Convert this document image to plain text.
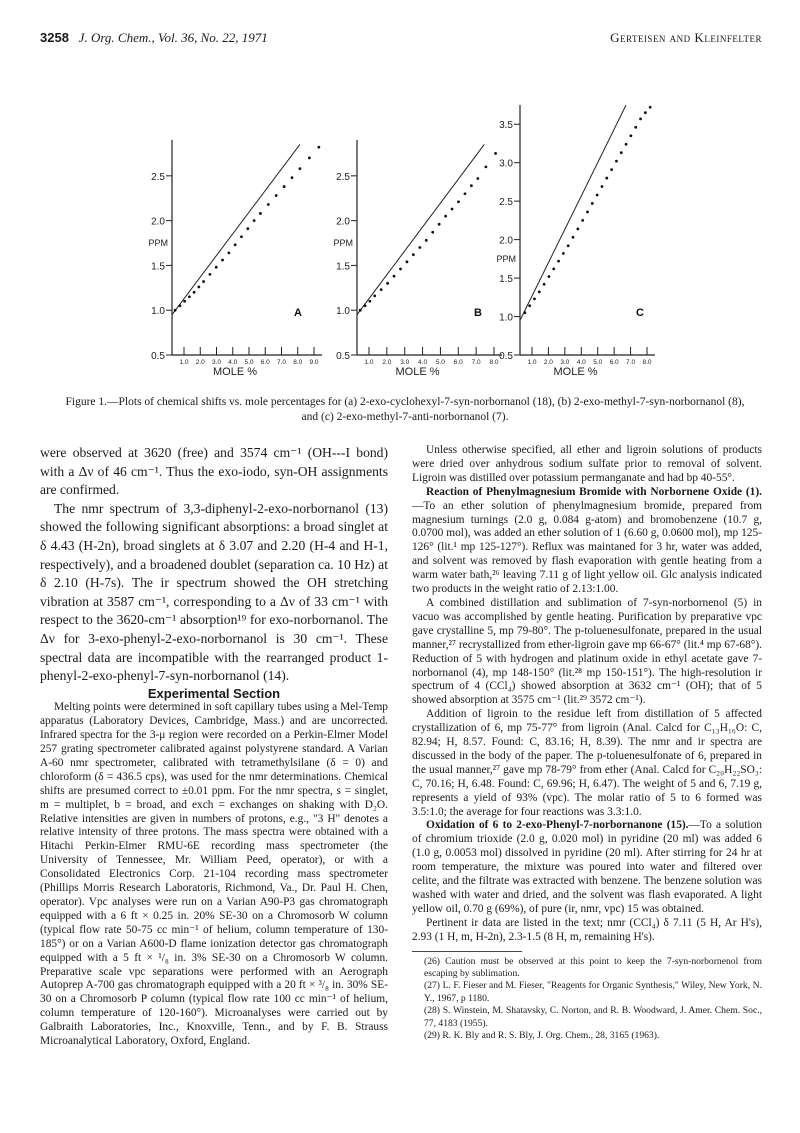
3258 J. Org. Chem., Vol. 36, No. 22, 1971	Gerteisen and Kleinfelter
0.5
1.0
1.5
2.0
2.5
PPM
1.0 2.0 3.0 4.0 5.0 6.0 7.0 8.0 9.0
MOLE %
A
0.5
1.0
1.5
2.0
2.5
PPM
1.0 2.0 3.0 4.0 5.0 6.0 7.0 8.0
MOLE %
B
0.5
1.0
1.5
2.0
2.5
3.0
3.5
PPM
1.0 2.0 3.0 4.0 5.0 6.0 7.0 8.0
MOLE %
C
Figure 1.—Plots of chemical shifts vs. mole percentages for (a) 2-exo-cyclohexyl-7-syn-norbornanol (18), (b) 2-exo-methyl-7-syn-norbornanol (8), and (c) 2-exo-methyl-7-anti-norbornanol (7).

were observed at 3620 (free) and 3574 cm⁻¹ (OH---I bond) with a Δν of 46 cm⁻¹. Thus the exo-iodo, syn-OH assignments are confirmed.

The nmr spectrum of 3,3-diphenyl-2-exo-norbornanol (13) showed the following significant absorptions: a broad singlet at δ 4.43 (H-2n), broad singlets at δ 3.07 and 2.20 (H-4 and H-1, respectively), and a broadened doublet (separation ca. 10 Hz) at δ 2.10 (H-7s). The ir spectrum showed the OH stretching vibration at 3587 cm⁻¹, corresponding to a Δν of 33 cm⁻¹ with respect to the 3620-cm⁻¹ absorption¹⁹ for exo-norbornanol. The Δν for 3-exo-phenyl-2-exo-norbornanol is 30 cm⁻¹. These spectral data are incompatible with the rearranged product 1-phenyl-2-exo-phenyl-7-syn-norbornanol (14).

Experimental Section

Melting points were determined in soft capillary tubes using a Mel-Temp apparatus (Laboratory Devices, Cambridge, Mass.) and are uncorrected. Infrared spectra for the 3-μ region were recorded on a Perkin-Elmer Model 257 grating spectrometer calibrated against polystyrene standard. A Varian A-60 nmr spectrometer, calibrated with tetramethylsilane (δ = 0) and chloroform (δ = 436.5 cps), was used for the nmr determinations. Chemical shifts are presumed correct to ±0.01 ppm. For the nmr spectra, s = singlet, m = multiplet, b = broad, and exch = exchanges on shaking with D₂O. Relative intensities are given in numbers of protons, e.g., "3 H" denotes a relative intensity of three protons. The mass spectra were obtained with a Hitachi Perkin-Elmer RMU-6E recording mass spectrometer (the University of Tennessee, Mr. William Peed, operator), or with a Consolidated Electronics Corp. 21-104 recording mass spectrometer (Phillips Morris Research Laboratoris, Richmond, Va., Dr. Paul H. Chen, operator). Vpc analyses were run on a Varian A90-P3 gas chromatograph equipped with a 6 ft × 0.25 in. 20% SE-30 on a Chromosorb W column (typical flow rate 50-75 cc min⁻¹ of helium, column temperature of 130-185°) or on a Varian A600-D flame ionization detector gas chromatograph equipped with a 5 ft × ¹/₈ in. 3% SE-30 on a Chromosorb W column. Preparative scale vpc separations were performed with an Aerograph Autoprep A-700 gas chromatograph equipped with a 20 ft × ³/₈ in. 30% SE-30 on a Chromosorb P column (typical flow rate 100 cc min⁻¹ of helium, column temperature of 120-160°). Microanalyses were carried out by Galbraith Laboratories, Inc., Knoxville, Tenn., and by F. B. Strauss Microanalytical Laboratory, Oxford, England.

Unless otherwise specified, all ether and ligroin solutions of products were dried over anhydrous sodium sulfate prior to removal of solvent. Ligroin was distilled over potassium permanganate and had bp 40-55°.

Reaction of Phenylmagnesium Bromide with Norbornene Oxide (1).—To an ether solution of phenylmagnesium bromide, prepared from magnesium turnings (2.0 g, 0.084 g-atom) and bromobenzene (10.7 g, 0.0700 mol), was added an ether solution of 1 (6.60 g, 0.0600 mol), mp 125-126° (lit.¹ mp 125-127°). Reflux was maintaned for 3 hr, water was added, and solvent was removed by flash evaporation with gentle heating from a warm water bath,²⁶ leaving 7.11 g of light yellow oil. Glc analysis indicated two products in the weight ratio of 2.13:1.00.

A combined distillation and sublimation of 7-syn-norbornenol (5) in vacuo was accomplished by gentle heating. Purification by preparative vpc gave crystalline 5, mp 79-80°. The p-toluenesulfonate, prepared in the usual manner,²⁷ recrystallized from ether-ligroin gave mp 66-67° (lit.⁴ mp 67-68°). Reduction of 5 with hydrogen and platinum oxide in ethyl acetate gave 7-norbornanol (4), mp 148-150° (lit.²⁸ mp 150-151°). The high-resolution ir spectrum of 4 (CCl₄) showed absorption at 3632 cm⁻¹ (OH); that of 5 showed absorption at 3575 cm⁻¹ (lit.²⁹ 3572 cm⁻¹).

Addition of ligroin to the residue left from distillation of 5 affected crystallization of 6, mp 75-77° from ligroin (Anal. Calcd for C₁₃H₁₆O: C, 82.94; H, 8.57. Found: C, 83.16; H, 8.39). The nmr and ir spectra are discussed in the body of the paper. The p-toluenesulfonate of 6, prepared in the usual manner,²⁷ gave mp 78-79° from ether (Anal. Calcd for C₂₀H₂₂SO₃: C, 70.16; H, 6.48. Found: C, 69.96; H, 6.47). The weight of 5 and 6, 7.19 g, represents a yield of 93% (vpc). The molar ratio of 5 to 6 formed was 3.5:1.0; the average for four reactions was 3.3:1.0.

Oxidation of 6 to 2-exo-Phenyl-7-norbornanone (15).—To a solution of chromium trioxide (2.0 g, 0.020 mol) in pyridine (20 ml) was added 6 (1.0 g, 0.0053 mol) dissolved in pyridine (20 ml). After stirring for 24 hr at room temperature, the mixture was poured into water and filtered over celite, and the filtrate was extracted with benzene. The benzene solution was washed with water and dried, and the solvent was flash evaporated. A light yellow oil, 0.70 g (69%), of pure (ir, nmr, vpc) 15 was obtained.

Pertinent ir data are listed in the text; nmr (CCl₄) δ 7.11 (5 H, Ar H's), 2.93 (1 H, m, H-2n), 2.3-1.5 (8 H, m, remaining H's).

(26) Caution must be observed at this point to keep the 7-syn-norbornenol from escaping by sublimation.

(27) L. F. Fieser and M. Fieser, "Reagents for Organic Synthesis," Wiley, New York, N. Y., 1967, p 1180.

(28) S. Winstein, M. Shatavsky, C. Norton, and R. B. Woodward, J. Amer. Chem. Soc., 77, 4183 (1955).

(29) R. K. Bly and R. S. Bly, J. Org. Chem., 28, 3165 (1963).
